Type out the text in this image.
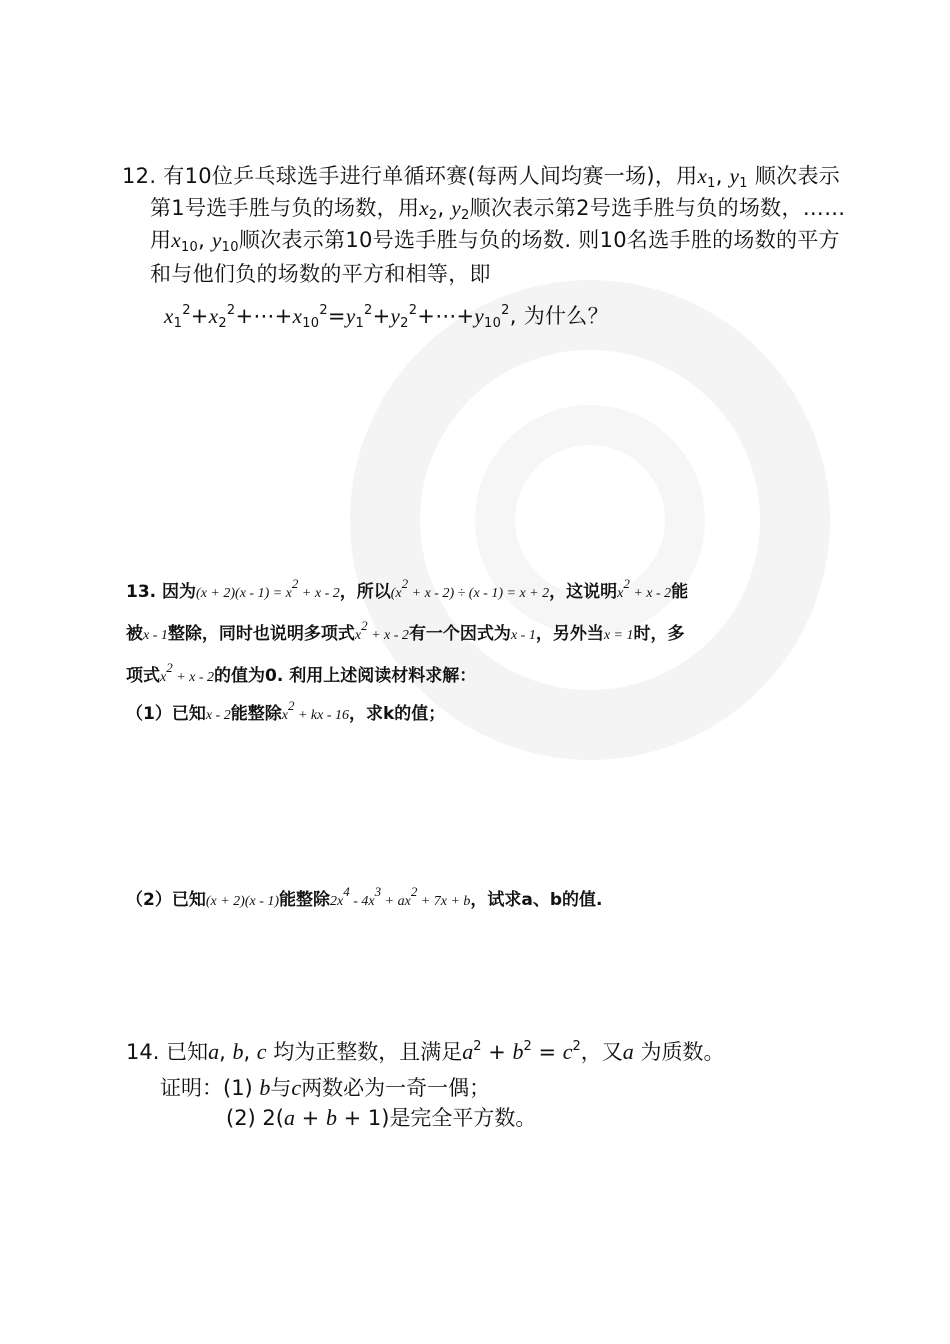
12. 有10位乒乓球选手进行单循环赛(每两人间均赛一场)，用$x_1$, $y_1$ 顺次表示
第1号选手胜与负的场数，用$x_2$, $y_2$顺次表示第2号选手胜与负的场数，……
用$x_{10}$, $y_{10}$顺次表示第10号选手胜与负的场数. 则10名选手胜的场数的平方
和与他们负的场数的平方和相等，即
$x_1^2+x_2^2+\cdots+x_{10}^2=y_1^2+y_2^2+\cdots+y_{10}^2$, 为什么？
13. 因为$(x + 2)(x - 1) = x^2 + x - 2$，所以$(x^2 + x - 2) \div (x - 1) = x + 2$，这说明$x^2 + x - 2$能
被x - 1整除，同时也说明多项式$x^2 + x - 2$有一个因式为x - 1，另外当x = 1时，多
项式$x^2 + x - 2$的值为0. 利用上述阅读材料求解：
（1）已知x - 2能整除$x^2$ + kx - 16，求k的值；
（2）已知(x + 2)(x - 1)能整除$2x^4 - 4x^3 + ax^2 + 7x + b$，试求a、b的值.
14. 已知a, b, c 均为正整数，且满足$a^2 + b^2 = c^2$，又a 为质数。
证明：(1) b与c两数必为一奇一偶；
(2) 2(a + b + 1)是完全平方数。
